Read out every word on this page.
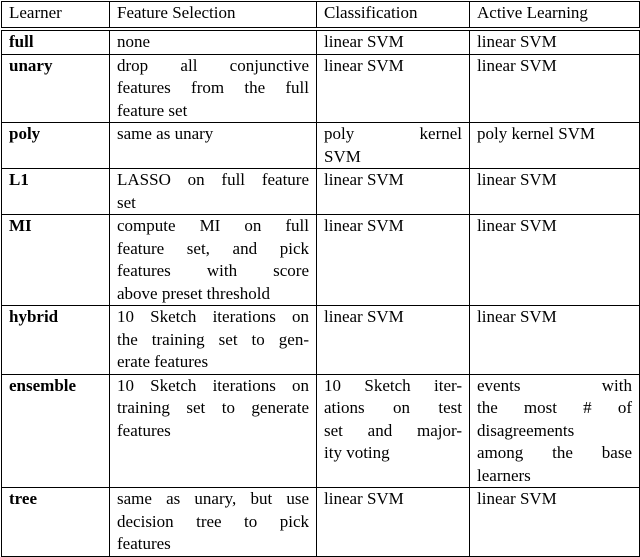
Learner	Feature Selection	Classification	Active Learning
full	none	linear SVM	linear SVM

unary	drop all conjunctive
features from the full
feature set	linear SVM	linear SVM

poly	same as unary	poly kernel
SVM	poly kernel SVM

L1	LASSO on full feature
set	linear SVM	linear SVM

MI	compute MI on full
feature set, and pick
features with score
above preset threshold	linear SVM	linear SVM

hybrid	10 Sketch iterations on
the training set to gen-
erate features	linear SVM	linear SVM

ensemble	10 Sketch iterations on
training set to generate
features	10 Sketch iter-
ations on test
set and major-
ity voting	events with
the most # of
disagreements
among the base
learners

tree	same as unary, but use
decision tree to pick
features	linear SVM	linear SVM
